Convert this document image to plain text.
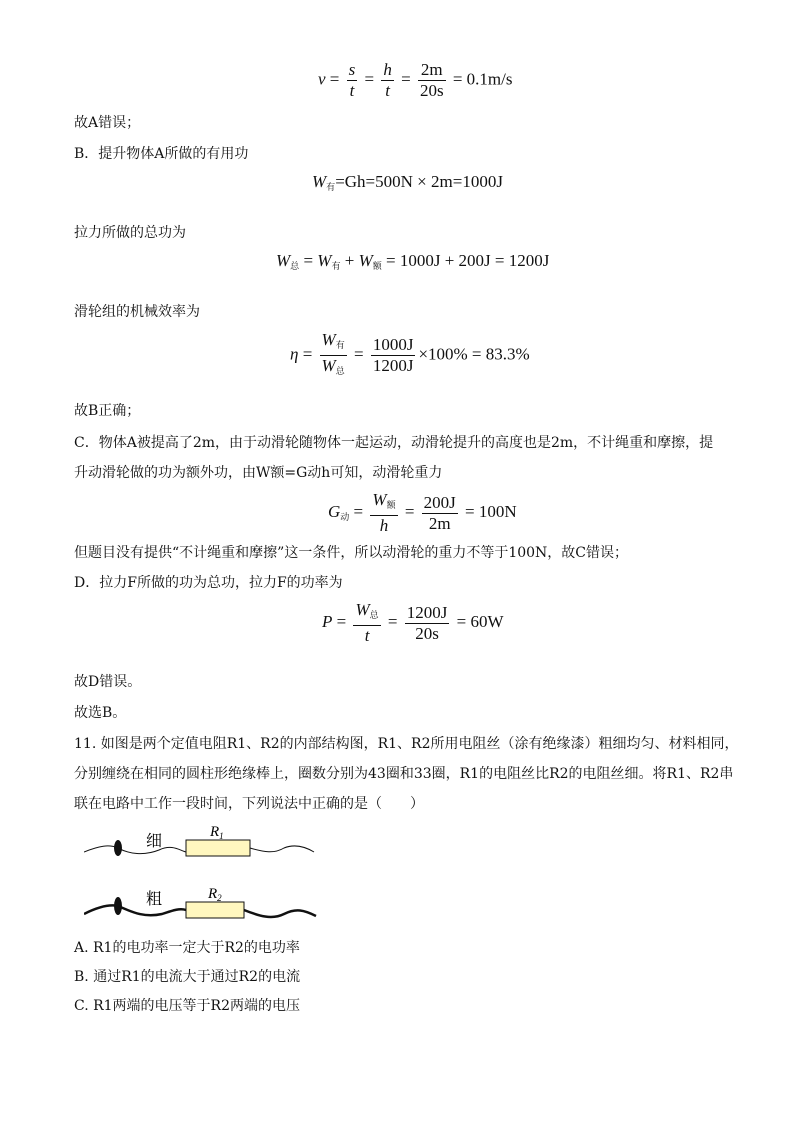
$v = \frac{s}{t} = \frac{h}{t} = \frac{2m}{20s} = 0.1m/s$
故A错误；
B．提升物体A所做的有用功
$W_有=Gh=500N \times 2m=1000J$
拉力所做的总功为
$W_总 = W_有 + W_额 = 1000J + 200J = 1200J$
滑轮组的机械效率为
$\eta = \frac{W_有}{W_总} = \frac{1000J}{1200J} \times 100\% = 83.3\%$
故B正确；
C．物体A被提高了2m，由于动滑轮随物体一起运动，动滑轮提升的高度也是2m，不计绳重和摩擦，提
升动滑轮做的功为额外功，由W额=G动h可知，动滑轮重力
$G_动 = \frac{W_额}{h} = \frac{200J}{2m} = 100N$
但题目没有提供“不计绳重和摩擦”这一条件，所以动滑轮的重力不等于100N，故C错误；
D．拉力F所做的功为总功，拉力F的功率为
$P = \frac{W_总}{t} = \frac{1200J}{20s} = 60W$
故D错误。
故选B。
11. 如图是两个定值电阻R1、R2的内部结构图，R1、R2所用电阻丝（涂有绝缘漆）粗细均匀、材料相同，
分别缠绕在相同的圆柱形绝缘棒上，圈数分别为43圈和33圈，R1的电阻丝比R2的电阻丝细。将R1、R2串
联在电路中工作一段时间，下列说法中正确的是（　　）
细	$R_1$
粗	$R_2$
A. R1的电功率一定大于R2的电功率
B. 通过R1的电流大于通过R2的电流
C. R1两端的电压等于R2两端的电压
